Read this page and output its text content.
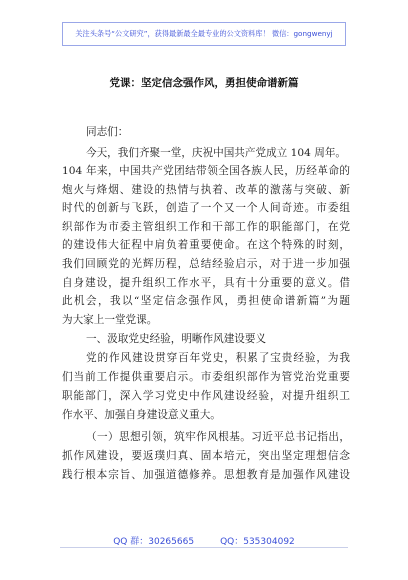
关注头条号“公文研究”，获得最新最全最专业的公文资料库！ 微信：gongwenyj
党课：坚定信念强作风，勇担使命谱新篇
同志们：
今天，我们齐聚一堂，庆祝中国共产党成立 104 周年。
104 年来，中国共产党团结带领全国各族人民，历经革命的
炮火与烽烟、建设的热情与执着、改革的激荡与突破、新
时代的创新与飞跃，创造了一个又一个人间奇迹。市委组
织部作为市委主管组织工作和干部工作的职能部门，在党
的建设伟大征程中肩负着重要使命。在这个特殊的时刻，
我们回顾党的光辉历程，总结经验启示，对于进一步加强
自身建设，提升组织工作水平，具有十分重要的意义。借
此机会，我以“坚定信念强作风，勇担使命谱新篇”为题
为大家上一堂党课。
一、汲取党史经验，明晰作风建设要义
党的作风建设贯穿百年党史，积累了宝贵经验，为我
们当前工作提供重要启示。市委组织部作为管党治党重要
职能部门，深入学习党史中作风建设经验，对提升组织工
作水平、加强自身建设意义重大。
（一）思想引领，筑牢作风根基。习近平总书记指出，
抓作风建设，要返璞归真、固本培元，突出坚定理想信念
践行根本宗旨、加强道德修养。思想教育是加强作风建设
QQ 群：30265665	QQ：535304092
